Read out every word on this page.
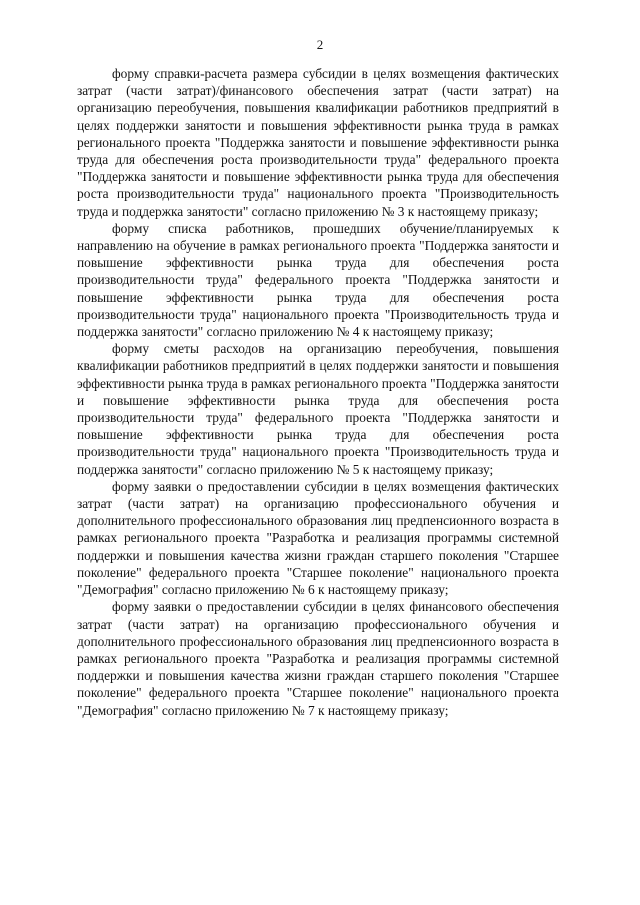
2

форму справки-расчета размера субсидии в целях возмещения фактических затрат (части затрат)/финансового обеспечения затрат (части затрат) на организацию переобучения, повышения квалификации работников предприятий в целях поддержки занятости и повышения эффективности рынка труда в рамках регионального проекта "Поддержка занятости и повышение эффективности рынка труда для обеспечения роста производительности труда" федерального проекта "Поддержка занятости и повышение эффективности рынка труда для обеспечения роста производительности труда" национального проекта "Производительность труда и поддержка занятости" согласно приложению № 3 к настоящему приказу;

форму списка работников, прошедших обучение/планируемых к направлению на обучение в рамках регионального проекта "Поддержка занятости и повышение эффективности рынка труда для обеспечения роста производительности труда" федерального проекта "Поддержка занятости и повышение эффективности рынка труда для обеспечения роста производительности труда" национального проекта "Производительность труда и поддержка занятости" согласно приложению № 4 к настоящему приказу;

форму сметы расходов на организацию переобучения, повышения квалификации работников предприятий в целях поддержки занятости и повышения эффективности рынка труда в рамках регионального проекта "Поддержка занятости и повышение эффективности рынка труда для обеспечения роста производительности труда" федерального проекта "Поддержка занятости и повышение эффективности рынка труда для обеспечения роста производительности труда" национального проекта "Производительность труда и поддержка занятости" согласно приложению № 5 к настоящему приказу;

форму заявки о предоставлении субсидии в целях возмещения фактических затрат (части затрат) на организацию профессионального обучения и дополнительного профессионального образования лиц предпенсионного возраста в рамках регионального проекта "Разработка и реализация программы системной поддержки и повышения качества жизни граждан старшего поколения "Старшее поколение" федерального проекта "Старшее поколение" национального проекта "Демография" согласно приложению № 6 к настоящему приказу;

форму заявки о предоставлении субсидии в целях финансового обеспечения затрат (части затрат) на организацию профессионального обучения и дополнительного профессионального образования лиц предпенсионного возраста в рамках регионального проекта "Разработка и реализация программы системной поддержки и повышения качества жизни граждан старшего поколения "Старшее поколение" федерального проекта "Старшее поколение" национального проекта "Демография" согласно приложению № 7 к настоящему приказу;
